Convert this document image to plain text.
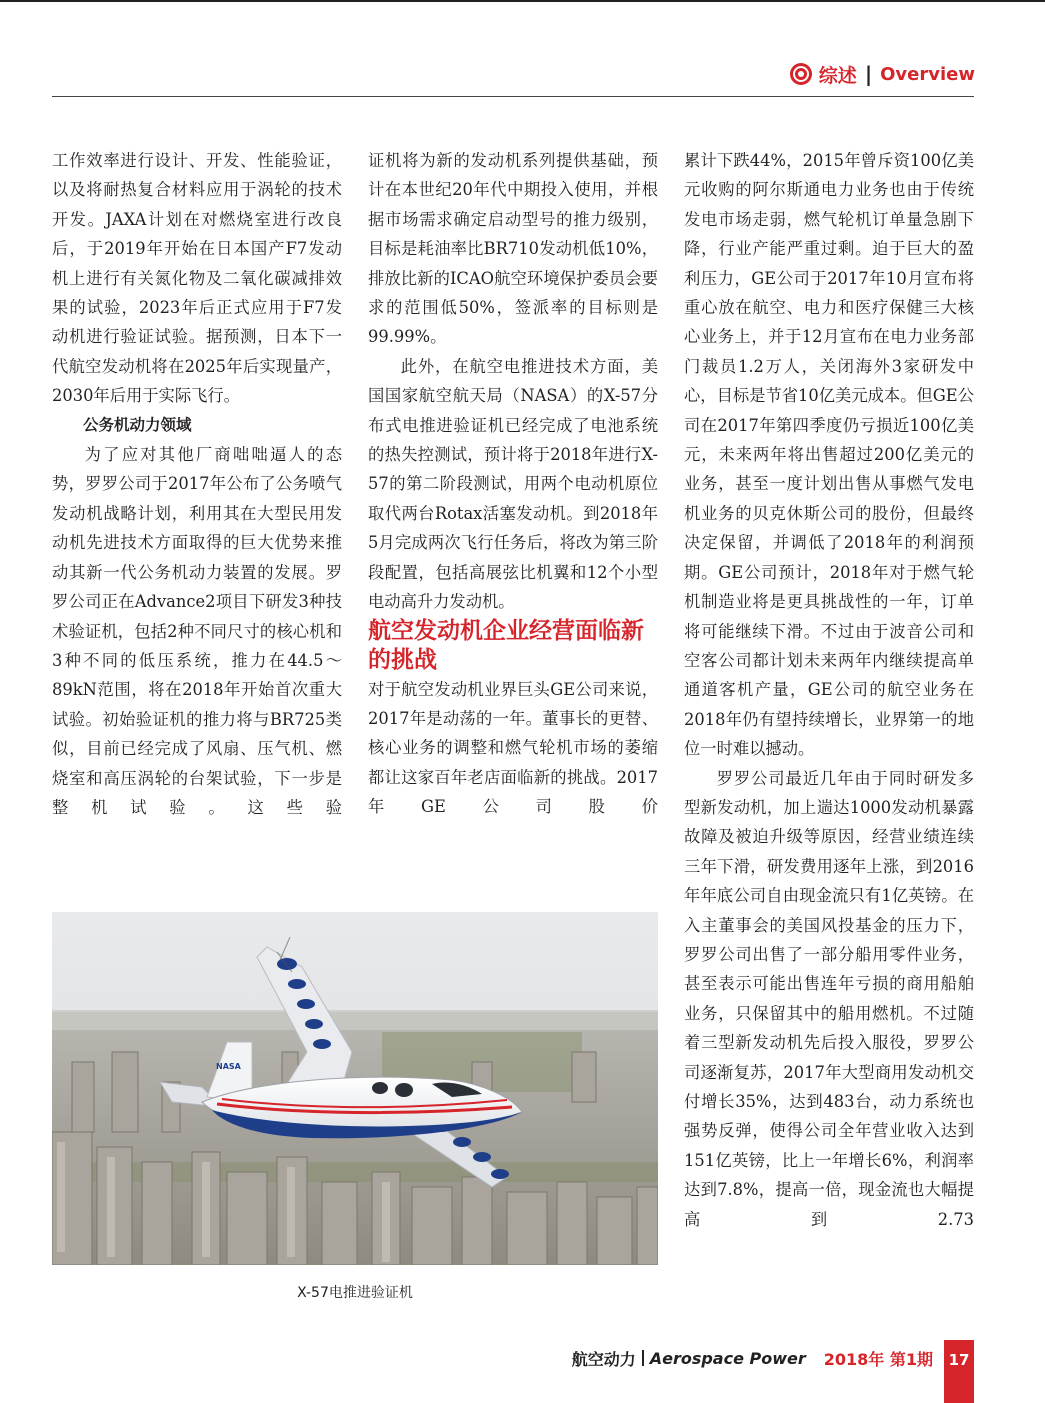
综述 | Overview

工作效率进行设计、开发、性能验证，以及将耐热复合材料应用于涡轮的技术开发。JAXA计划在对燃烧室进行改良后，于2019年开始在日本国产F7发动机上进行有关氮化物及二氧化碳减排效果的试验，2023年后正式应用于F7发动机进行验证试验。据预测，日本下一代航空发动机将在2025年后实现量产，2030年后用于实际飞行。

公务机动力领域

为了应对其他厂商咄咄逼人的态势，罗罗公司于2017年公布了公务喷气发动机战略计划，利用其在大型民用发动机先进技术方面取得的巨大优势来推动其新一代公务机动力装置的发展。罗罗公司正在Advance2项目下研发3种技术验证机，包括2种不同尺寸的核心机和3种不同的低压系统，推力在44.5～89kN范围，将在2018年开始首次重大试验。初始验证机的推力将与BR725类似，目前已经完成了风扇、压气机、燃烧室和高压涡轮的台架试验，下一步是整机试验。这些验

证机将为新的发动机系列提供基础，预计在本世纪20年代中期投入使用，并根据市场需求确定启动型号的推力级别，目标是耗油率比BR710发动机低10%，排放比新的ICAO航空环境保护委员会要求的范围低50%，签派率的目标则是99.99%。

此外，在航空电推进技术方面，美国国家航空航天局（NASA）的X-57分布式电推进验证机已经完成了电池系统的热失控测试，预计将于2018年进行X-57的第二阶段测试，用两个电动机原位取代两台Rotax活塞发动机。到2018年5月完成两次飞行任务后，将改为第三阶段配置，包括高展弦比机翼和12个小型电动高升力发动机。

航空发动机企业经营面临新的挑战

对于航空发动机业界巨头GE公司来说，2017年是动荡的一年。董事长的更替、核心业务的调整和燃气轮机市场的萎缩都让这家百年老店面临新的挑战。2017年GE公司股价

累计下跌44%，2015年曾斥资100亿美元收购的阿尔斯通电力业务也由于传统发电市场走弱，燃气轮机订单量急剧下降，行业产能严重过剩。迫于巨大的盈利压力，GE公司于2017年10月宣布将重心放在航空、电力和医疗保健三大核心业务上，并于12月宣布在电力业务部门裁员1.2万人，关闭海外3家研发中心，目标是节省10亿美元成本。但GE公司在2017年第四季度仍亏损近100亿美元，未来两年将出售超过200亿美元的业务，甚至一度计划出售从事燃气发电机业务的贝克休斯公司的股份，但最终决定保留，并调低了2018年的利润预期。GE公司预计，2018年对于燃气轮机制造业将是更具挑战性的一年，订单将可能继续下滑。不过由于波音公司和空客公司都计划未来两年内继续提高单通道客机产量，GE公司的航空业务在2018年仍有望持续增长，业界第一的地位一时难以撼动。

罗罗公司最近几年由于同时研发多型新发动机，加上遄达1000发动机暴露故障及被迫升级等原因，经营业绩连续三年下滑，研发费用逐年上涨，到2016年年底公司自由现金流只有1亿英镑。在入主董事会的美国风投基金的压力下，罗罗公司出售了一部分船用零件业务，甚至表示可能出售连年亏损的商用船舶业务，只保留其中的船用燃机。不过随着三型新发动机先后投入服役，罗罗公司逐渐复苏，2017年大型商用发动机交付增长35%，达到483台，动力系统也强势反弹，使得公司全年营业收入达到151亿英镑，比上一年增长6%，利润率达到7.8%，提高一倍，现金流也大幅提高到2.73

NASA
X-57电推进验证机
航空动力 Aerospace Power 2018年 第1期	17
